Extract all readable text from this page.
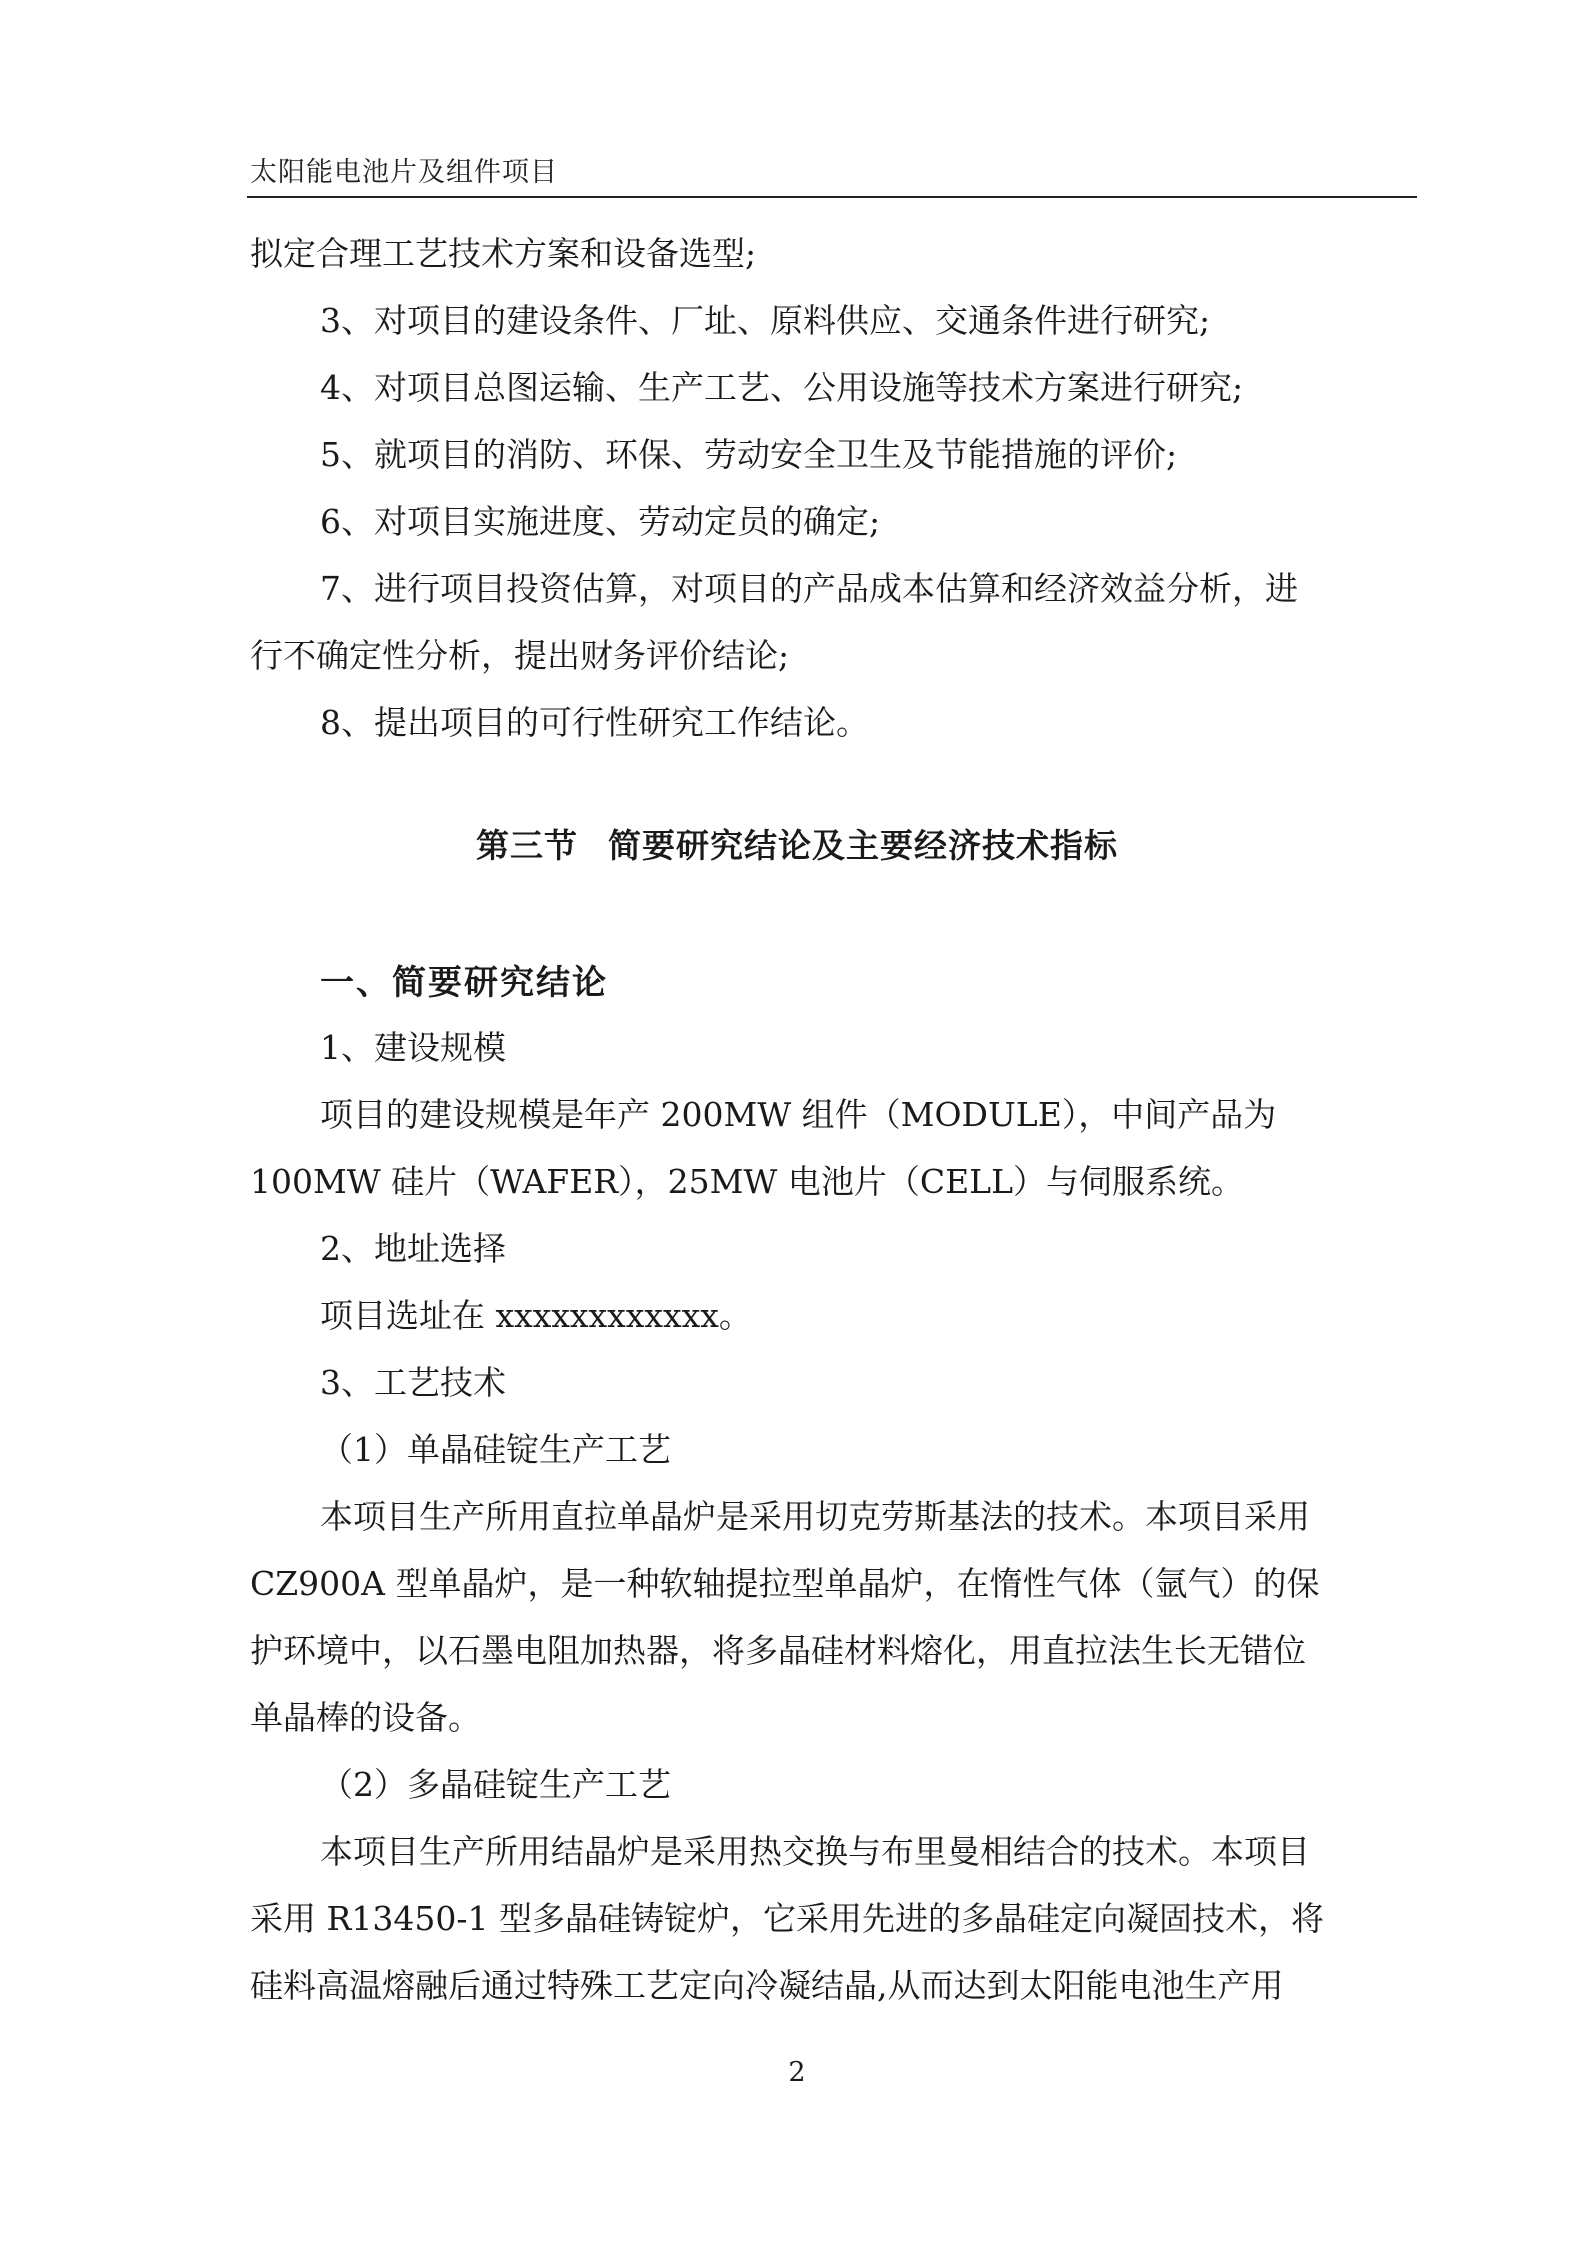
太阳能电池片及组件项目
拟定合理工艺技术方案和设备选型;
3、对项目的建设条件、厂址、原料供应、交通条件进行研究;
4、对项目总图运输、生产工艺、公用设施等技术方案进行研究;
5、就项目的消防、环保、劳动安全卫生及节能措施的评价;
6、对项目实施进度、劳动定员的确定;
7、进行项目投资估算，对项目的产品成本估算和经济效益分析，进
行不确定性分析，提出财务评价结论;
8、提出项目的可行性研究工作结论。
第三节 简要研究结论及主要经济技术指标
一、简要研究结论
1、建设规模
项目的建设规模是年产 200MW 组件（MODULE），中间产品为
100MW 硅片（WAFER），25MW 电池片（CELL）与伺服系统。
2、地址选择
项目选址在 xxxxxxxxxxxx。
3、工艺技术
（1）单晶硅锭生产工艺
本项目生产所用直拉单晶炉是采用切克劳斯基法的技术。本项目采用
CZ900A 型单晶炉，是一种软轴提拉型单晶炉，在惰性气体（氩气）的保
护环境中，以石墨电阻加热器，将多晶硅材料熔化，用直拉法生长无错位
单晶棒的设备。
（2）多晶硅锭生产工艺
本项目生产所用结晶炉是采用热交换与布里曼相结合的技术。本项目
采用 R13450-1 型多晶硅铸锭炉，它采用先进的多晶硅定向凝固技术，将
硅料高温熔融后通过特殊工艺定向冷凝结晶,从而达到太阳能电池生产用
2
